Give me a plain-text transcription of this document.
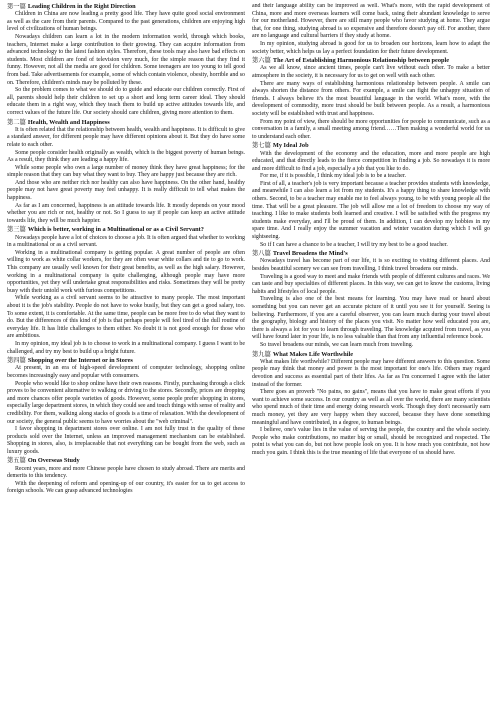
第一篇 Leading Children in the Right Direction

Children in China are now leading a pretty good life. They have quite good social environment as well as the care from their parents. Compared to the past generations, children are enjoying high level of civilizations of human beings.

Nowadays children can learn a lot in the modern information world, through which books, teachers, Internet make a large contribution to their growing. They can acquire information from advanced technology to the latest fashion styles. Therefore, these tools may also have bad effects on students. Most children are fond of television very much, for the simple reason that they find it funny. However, not all the media are good for children. Some teenagers are too young to tell good from bad. Take advertisements for example, some of which contain violence, obesity, horrible and so on. Therefore, children's minds may be polluted by these.

So the problem comes to what we should do to guide and educate our children correctly. First of all, parents should help their children to set up a short and long term career ideal. They should educate them in a right way, which they teach them to build up active attitudes towards life, and correct values of the future life. Our society should care children, giving more attention to them.

第二篇 Health, Wealth and Happiness

It is often related that the relationship between health, wealth and happiness. It is difficult to give a standard answer, for different people may have different opinions about it. But they do have some relate to each other.

Some people consider health originally as wealth, which is the biggest poverty of human beings. As a result, they think they are leading a happy life.

While some people who own a large number of money think they have great happiness; for the simple reason that they can buy what they want to buy. They are happy just because they are rich.

And those who are neither rich nor healthy can also have happiness. On the other hand, healthy people may not have great poverty may feel unhappy. It is really difficult to tell what makes the happiness.

As far as I am concerned, happiness is an attitude towards life. It mostly depends on your mood whether you are rich or not, healthy or not. So I guess to say if people can keep an active attitude towards life, they will be much happier.

第三篇 Which is better, working in a Multinational or as a Civil Servant?

Nowadays people have a lot of choices to choose a job. It is often argued that whether to working in a multinational or as a civil servant.

Working in a multinational company is getting popular. A great number of people are often willing to work as white collar workers, for they are often wear white collars and tie to go to work. This company are usually well known for their great benefits, as well as the high salary. However, working in a multinational company is quite challenging, although people may have more opportunities, yet they will undertake great responsibilities and risks. Sometimes they will be pretty busy with their untold work with furious competitions.

While working as a civil servant seems to be attractive to many people. The most important about it is the job's stability. People do not have to woke busily, but they can get a good salary, too. To some extent, it is comfortable. At the same time, people can be more free to do what they want to do. But the differences of this kind of job is that perhaps people will feel tired of the dull routine of everyday life. It has little challenges to them either. No doubt it is not good enough for those who are ambitious.

In my opinion, my ideal job is to choose to work in a multinational company. I guess I want to be challenged, and try my best to build up a bright future.

第四篇 Shopping over the Internet or in Stores

At present, in an era of high-speed development of computer technology, shopping online becomes increasingly easy and popular with consumers.

People who would like to shop online have their own reasons. Firstly, purchasing through a click proves to be convenient alternative to walking or driving to the stores. Secondly, prices are dropping and more chances offer people varieties of goods. However, some people prefer shopping in stores, especially large department stores, in which they could see and touch things with sense of reality and credibility. For them, walking along stacks of goods is a time of relaxation. With the development of our society, the general public seems to have worries about the "web criminal".

I favor shopping in department stores over online. I am not fully trust in the quality of these products sold over the Internet, unless an improved management mechanism can be established. Shopping in stores, also, is irreplaceable that not everything can be bought from the web, such as luxury goods.

第五篇 On Overseas Study

Recent years, more and more Chinese people have chosen to study abroad. There are merits and demerits to this tendency.

With the deepening of reform and opening-up of our country, it's easier for us to get access to foreign schools. We can grasp advanced technologies

and their language ability can be improved as well. What's more, with the rapid development of China, more and more overseas learners will come back, using their abundant knowledge to serve for our motherland. However, there are still many people who favor studying at home. They argue that, for one thing, studying abroad is so expensive and therefore doesn't pay off. For another, there are no language and cultural barriers if they study at home.

In my opinion, studying abroad is good for us to broaden our horizons, learn how to adapt the society better, which helps us lay a perfect foundation for their future development.

第六篇 The Art of Establishing Harmonious Relationship between people

As we all know, since ancient times, people can't live without each other. To make a better atmosphere in the society, it is necessary for us to get on well with each other.

There are many ways of establishing harmonious relationship between people. A smile can always shorten the distance from others. For example, a smile can fight the unhappy situation of friends. I always believe it's the most beautiful language in the world. What's more, with the development of commodity, more trust should be built between people. As a result, a harmonious society will be established with trust and happiness.

From my point of view, there should be more opportunities for people to communicate, such as a conversation in a family, a small meeting among friend……Then making a wonderful world for us to understand each other.

第七篇 My Ideal Job

With the development of the economy and the education, more and more people are high educated, and that directly leads to the fierce competition in finding a job. So nowadays it is more and more difficult to find a job, especially a job that you like to do.

For me, if it is possible, I think my ideal job is to be a teacher.

First of all, a teacher's job is very important because a teacher provides students with knowledge, and meanwhile I can also learn a lot from my students. It's a happy thing to share knowledge with others. Second, to be a teacher may enable me to feel always young, to be with young people all the time. That will be a great pleasure. The job will allow me a lot of freedom to choose my way of teaching. I like to make students both learned and creative. I will be satisfied with the progress my students make everyday, and I'll be proud of them. In addition, I can develop my hobbies in my spare time. And I really enjoy the summer vacation and winter vacation during which I will go sightseeing.

So if I can have a chance to be a teacher, I will try my best to be a good teacher.

第八篇 Travel Broadens the Mind's

Nowadays travel has become part of our life, it is so exciting to visiting different places. And besides beautiful scenery we can see from travelling, I think travel broadens our minds.

Traveling is a good way to meet and make friends with people of different cultures and races. We can taste and buy specialties of different places. In this way, we can get to know the customs, living habits and lifestyles of local people.

Traveling is also one of the best means for learning. You may have read or heard about something but you can never get an accurate picture of it until you see it for yourself. Seeing is believing. Furthermore, if you are a careful observer, you can learn much during your travel about the geography, biology and history of the places you visit. No matter how well educated you are, there is always a lot for you to learn through traveling. The knowledge acquired from travel, as you will have found later in your life, is no less valuable than that from any influential reference book.

So travel broadens our minds, we can learn much from traveling.

第九篇 What Makes Life Worthwhile

What makes life worthwhile? Different people may have different answers to this question. Some people may think that money and power is the most important for one's life. Others may regard devotion and success as essential part of their lifes. As far as I'm concerned I agree with the latter instead of the former.

There goes an proverb "No pains, no gains", means that you have to make great efforts if you want to achieve some success. In our country as well as all over the world, there are many scientists who spend much of their time and energy doing research work. Though they don't necessarily earn much money, yet they are very happy when they succeed, because they have done something meaningful and have contributed, in a degree, to human beings.

I believe, one's value lies in the value of serving the people, the country and the whole society. People who make contributions, no matter big or small, should be recognized and respected. The point is what you can do, but not how people look on you. It is how much you contribute, not how much you gain. I think this is the true meaning of life that everyone of us should have.
